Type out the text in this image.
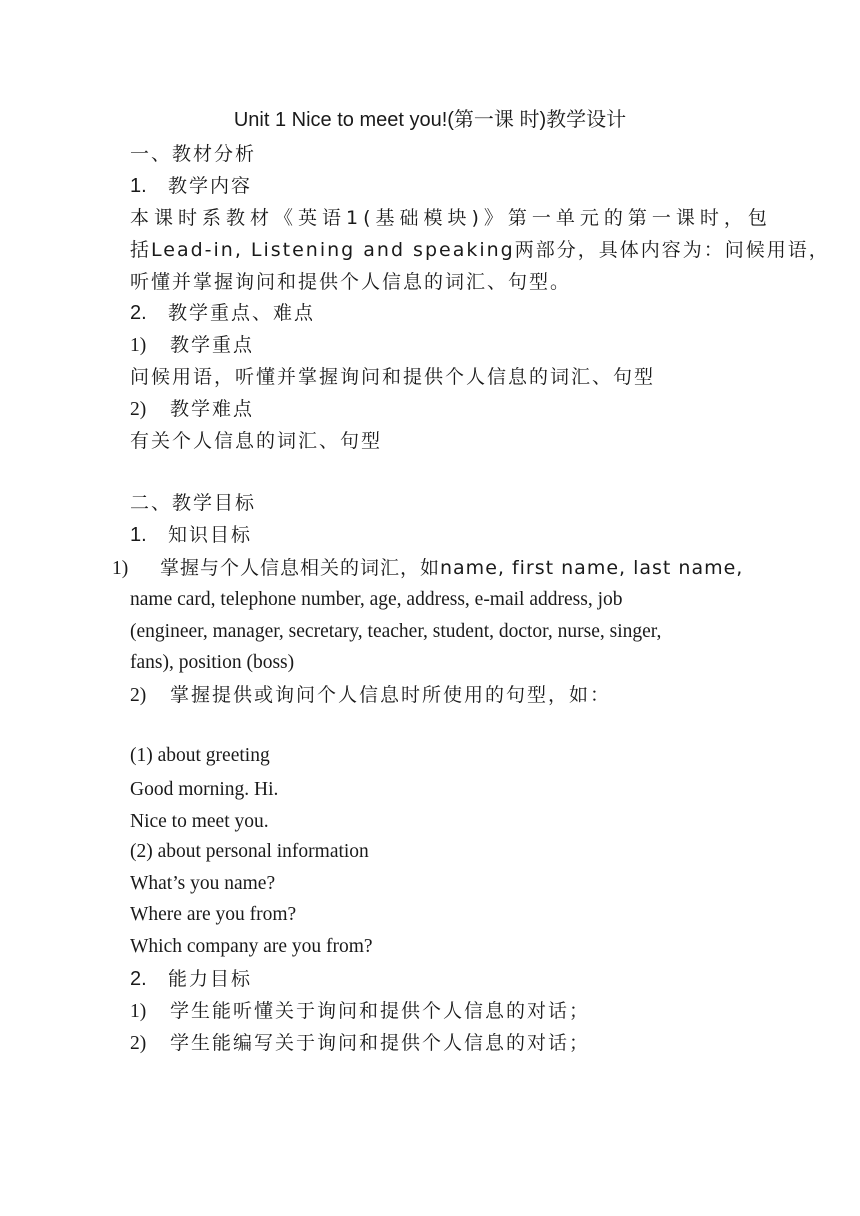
Unit 1 Nice to meet you!(第一课 时)教学设计

一、教材分析

1. 教学内容

本课时系教材《英语1(基础模块)》第一单元的第一课时，包

括Lead-in, Listening and speaking两部分，具体内容为：问候用语，

听懂并掌握询问和提供个人信息的词汇、句型。

2. 教学重点、难点

1) 教学重点

问候用语，听懂并掌握询问和提供个人信息的词汇、句型

2) 教学难点

有关个人信息的词汇、句型

二、教学目标

1. 知识目标

1) 掌握与个人信息相关的词汇，如name, first name, last name,

name card, telephone number, age, address, e-mail address, job

(engineer, manager, secretary, teacher, student, doctor, nurse, singer,

fans), position (boss)

2) 掌握提供或询问个人信息时所使用的句型，如：

(1) about greeting

Good morning. Hi.

Nice to meet you.

(2) about personal information

What’s you name?

Where are you from?

Which company are you from?

2. 能力目标

1) 学生能听懂关于询问和提供个人信息的对话；

2) 学生能编写关于询问和提供个人信息的对话；
